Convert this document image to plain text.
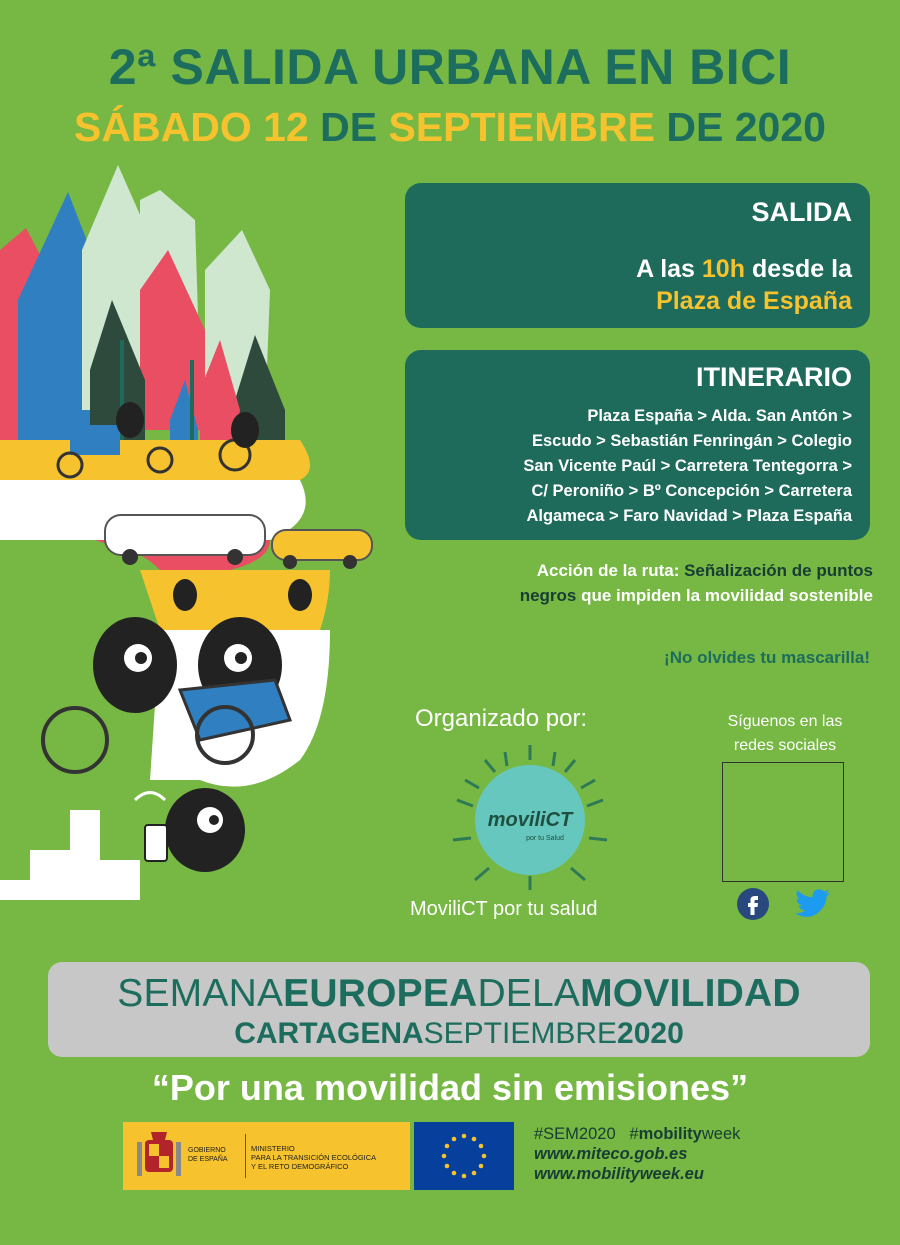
2ª SALIDA URBANA EN BICI
SÁBADO 12 DE SEPTIEMBRE DE 2020
SALIDA
A las 10h desde la
Plaza de España
ITINERARIO
Plaza España > Alda. San Antón >
Escudo > Sebastián Fenringán > Colegio
San Vicente Paúl > Carretera Tentegorra >
C/ Peroniño > Bº Concepción > Carretera
Algameca > Faro Navidad > Plaza España
Acción de la ruta: Señalización de puntos
negros que impiden la movilidad sostenible
¡No olvides tu mascarilla!
Organizado por:
moviliCT
por tu Salud
MoviliCT por tu salud
Síguenos en las
redes sociales
SEMANAEUROPEADELAMOVILIDAD
CARTAGENASEPTIEMBRE2020
“Por una movilidad sin emisiones”
GOBIERNO
DE ESPAÑA
MINISTERIO
PARA LA TRANSICIÓN ECOLÓGICA
Y EL RETO DEMOGRÁFICO
#SEM2020 #mobilityweek
www.miteco.gob.es
www.mobilityweek.eu
